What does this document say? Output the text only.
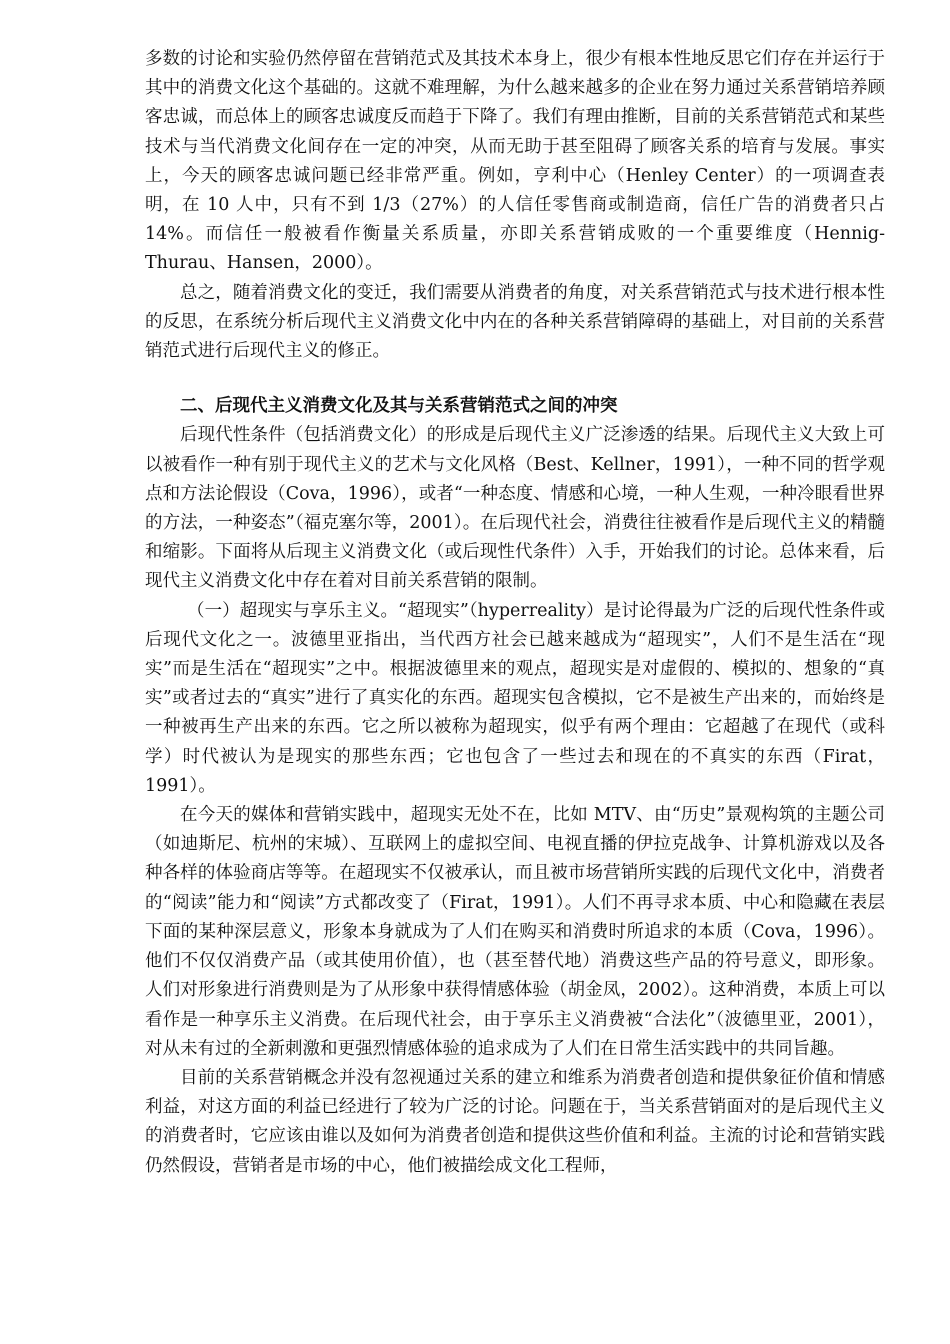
多数的讨论和实验仍然停留在营销范式及其技术本身上，很少有根本性地反思它们存在并运行于其中的消费文化这个基础的。这就不难理解，为什么越来越多的企业在努力通过关系营销培养顾客忠诚，而总体上的顾客忠诚度反而趋于下降了。我们有理由推断，目前的关系营销范式和某些技术与当代消费文化间存在一定的冲突，从而无助于甚至阻碍了顾客关系的培育与发展。事实上，今天的顾客忠诚问题已经非常严重。例如，亨利中心（Henley Center）的一项调查表明，在 10 人中，只有不到 1/3（27%）的人信任零售商或制造商，信任广告的消费者只占 14%。而信任一般被看作衡量关系质量，亦即关系营销成败的一个重要维度（Hennig-Thurau、Hansen，2000）。

总之，随着消费文化的变迁，我们需要从消费者的角度，对关系营销范式与技术进行根本性的反思，在系统分析后现代主义消费文化中内在的各种关系营销障碍的基础上，对目前的关系营销范式进行后现代主义的修正。

二、后现代主义消费文化及其与关系营销范式之间的冲突

后现代性条件（包括消费文化）的形成是后现代主义广泛渗透的结果。后现代主义大致上可以被看作一种有别于现代主义的艺术与文化风格（Best、Kellner，1991），一种不同的哲学观点和方法论假设（Cova，1996），或者“一种态度、情感和心境，一种人生观，一种冷眼看世界的方法，一种姿态”（福克塞尔等，2001）。在后现代社会，消费往往被看作是后现代主义的精髓和缩影。下面将从后现主义消费文化（或后现性代条件）入手，开始我们的讨论。总体来看，后现代主义消费文化中存在着对目前关系营销的限制。

（一）超现实与享乐主义。“超现实”（hyperreality）是讨论得最为广泛的后现代性条件或后现代文化之一。波德里亚指出，当代西方社会已越来越成为“超现实”，人们不是生活在“现实”而是生活在“超现实”之中。根据波德里来的观点，超现实是对虚假的、模拟的、想象的“真实”或者过去的“真实”进行了真实化的东西。超现实包含模拟，它不是被生产出来的，而始终是一种被再生产出来的东西。它之所以被称为超现实，似乎有两个理由：它超越了在现代（或科学）时代被认为是现实的那些东西；它也包含了一些过去和现在的不真实的东西（Firat，1991）。

在今天的媒体和营销实践中，超现实无处不在，比如 MTV、由“历史”景观构筑的主题公司（如迪斯尼、杭州的宋城）、互联网上的虚拟空间、电视直播的伊拉克战争、计算机游戏以及各种各样的体验商店等等。在超现实不仅被承认，而且被市场营销所实践的后现代文化中，消费者的“阅读”能力和“阅读”方式都改变了（Firat，1991）。人们不再寻求本质、中心和隐藏在表层下面的某种深层意义，形象本身就成为了人们在购买和消费时所追求的本质（Cova，1996）。他们不仅仅消费产品（或其使用价值），也（甚至替代地）消费这些产品的符号意义，即形象。人们对形象进行消费则是为了从形象中获得情感体验（胡金凤，2002）。这种消费，本质上可以看作是一种享乐主义消费。在后现代社会，由于享乐主义消费被“合法化”（波德里亚，2001），对从未有过的全新刺激和更强烈情感体验的追求成为了人们在日常生活实践中的共同旨趣。

目前的关系营销概念并没有忽视通过关系的建立和维系为消费者创造和提供象征价值和情感利益，对这方面的利益已经进行了较为广泛的讨论。问题在于，当关系营销面对的是后现代主义的消费者时，它应该由谁以及如何为消费者创造和提供这些价值和利益。主流的讨论和营销实践仍然假设，营销者是市场的中心，他们被描绘成文化工程师，
